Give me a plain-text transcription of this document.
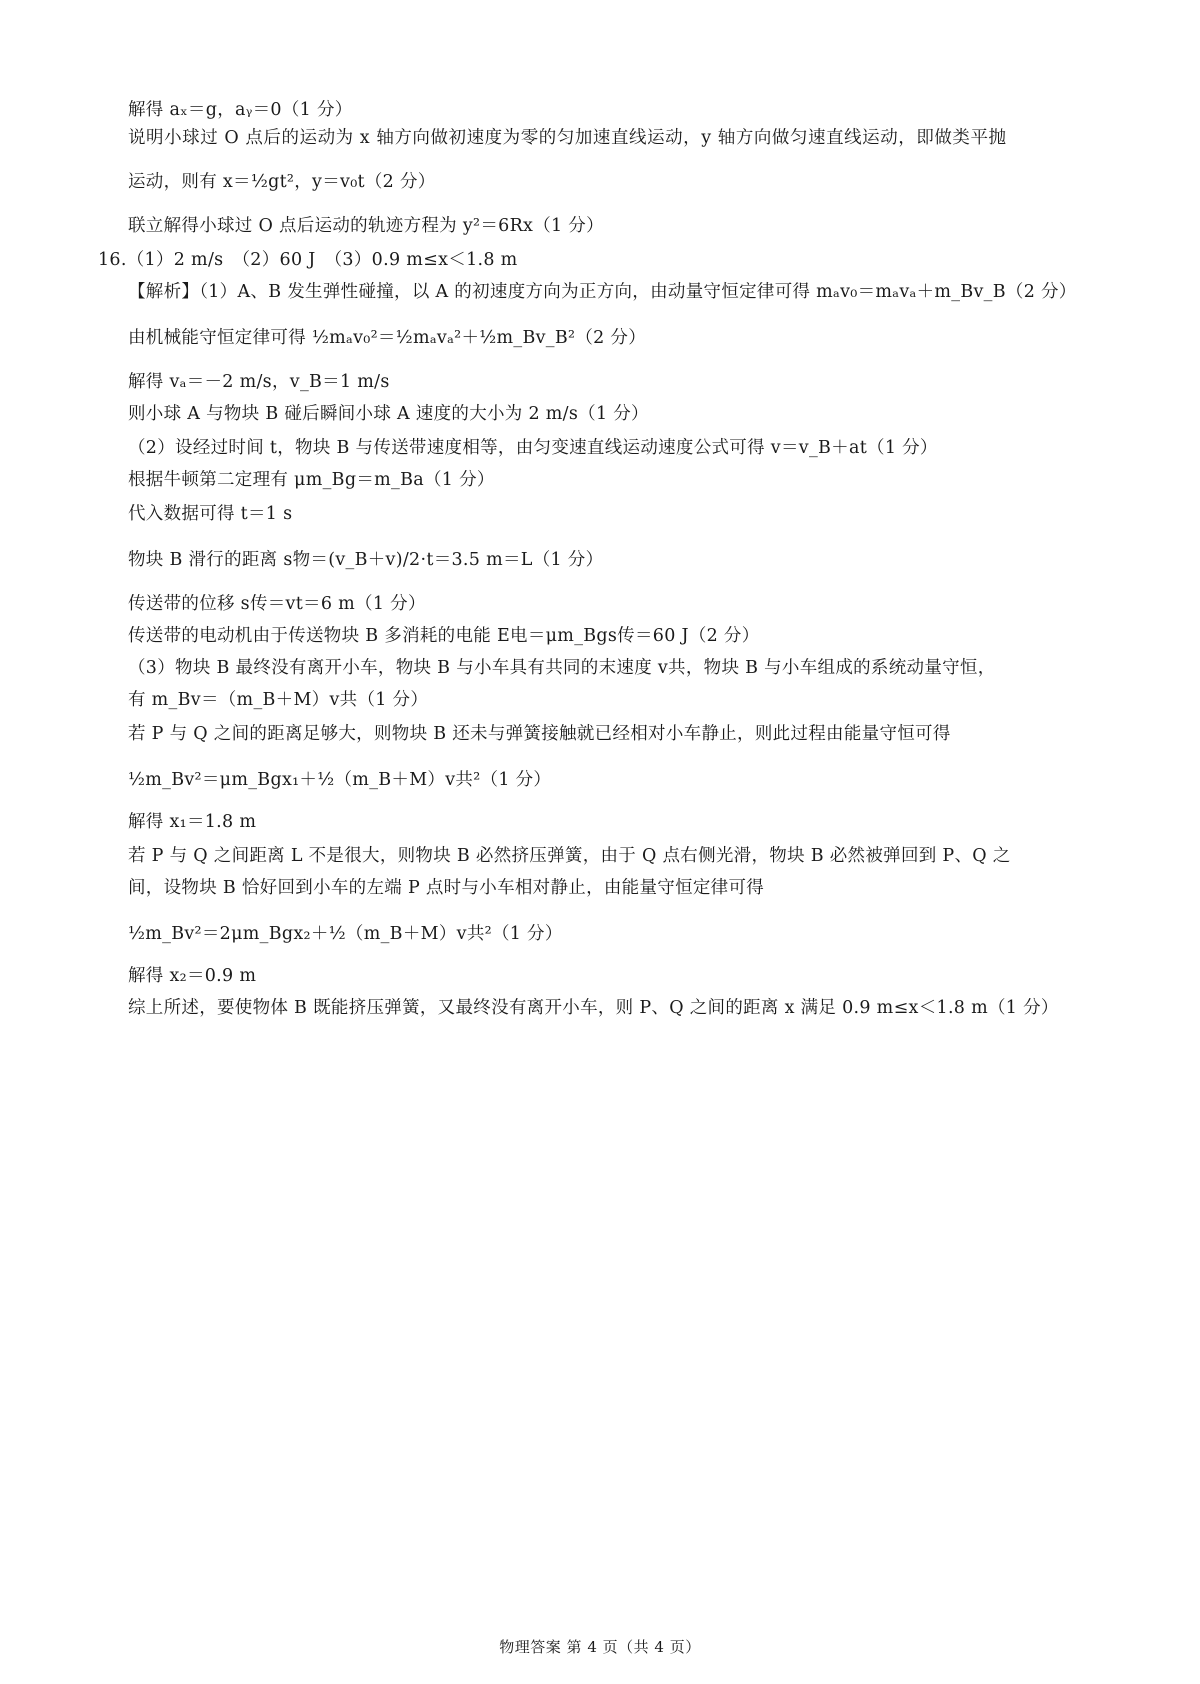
解得 aₓ＝g，aᵧ＝0（1 分）
说明小球过 O 点后的运动为 x 轴方向做初速度为零的匀加速直线运动，y 轴方向做匀速直线运动，即做类平抛
运动，则有 x＝½gt²，y＝v₀t（2 分）
联立解得小球过 O 点后运动的轨迹方程为 y²＝6Rx（1 分）
16.（1）2 m/s　（2）60 J　（3）0.9 m≤x＜1.8 m
【解析】（1）A、B 发生弹性碰撞，以 A 的初速度方向为正方向，由动量守恒定律可得 mₐv₀＝mₐvₐ＋m_Bv_B（2 分）
由机械能守恒定律可得 ½mₐv₀²＝½mₐvₐ²＋½m_Bv_B²（2 分）
解得 vₐ＝－2 m/s，v_B＝1 m/s
则小球 A 与物块 B 碰后瞬间小球 A 速度的大小为 2 m/s（1 分）
（2）设经过时间 t，物块 B 与传送带速度相等，由匀变速直线运动速度公式可得 v＝v_B＋at（1 分）
根据牛顿第二定理有 μm_Bg＝m_Ba（1 分）
代入数据可得 t＝1 s
物块 B 滑行的距离 s物＝(v_B＋v)/2·t＝3.5 m＝L（1 分）
传送带的位移 s传＝vt＝6 m（1 分）
传送带的电动机由于传送物块 B 多消耗的电能 E电＝μm_Bgs传＝60 J（2 分）
（3）物块 B 最终没有离开小车，物块 B 与小车具有共同的末速度 v共，物块 B 与小车组成的系统动量守恒，
有 m_Bv＝（m_B＋M）v共（1 分）
若 P 与 Q 之间的距离足够大，则物块 B 还未与弹簧接触就已经相对小车静止，则此过程由能量守恒可得
½m_Bv²＝μm_Bgx₁＋½（m_B＋M）v共²（1 分）
解得 x₁＝1.8 m
若 P 与 Q 之间距离 L 不是很大，则物块 B 必然挤压弹簧，由于 Q 点右侧光滑，物块 B 必然被弹回到 P、Q 之
间，设物块 B 恰好回到小车的左端 P 点时与小车相对静止，由能量守恒定律可得
½m_Bv²＝2μm_Bgx₂＋½（m_B＋M）v共²（1 分）
解得 x₂＝0.9 m
综上所述，要使物体 B 既能挤压弹簧，又最终没有离开小车，则 P、Q 之间的距离 x 满足 0.9 m≤x＜1.8 m（1 分）
物理答案 第 4 页（共 4 页）
